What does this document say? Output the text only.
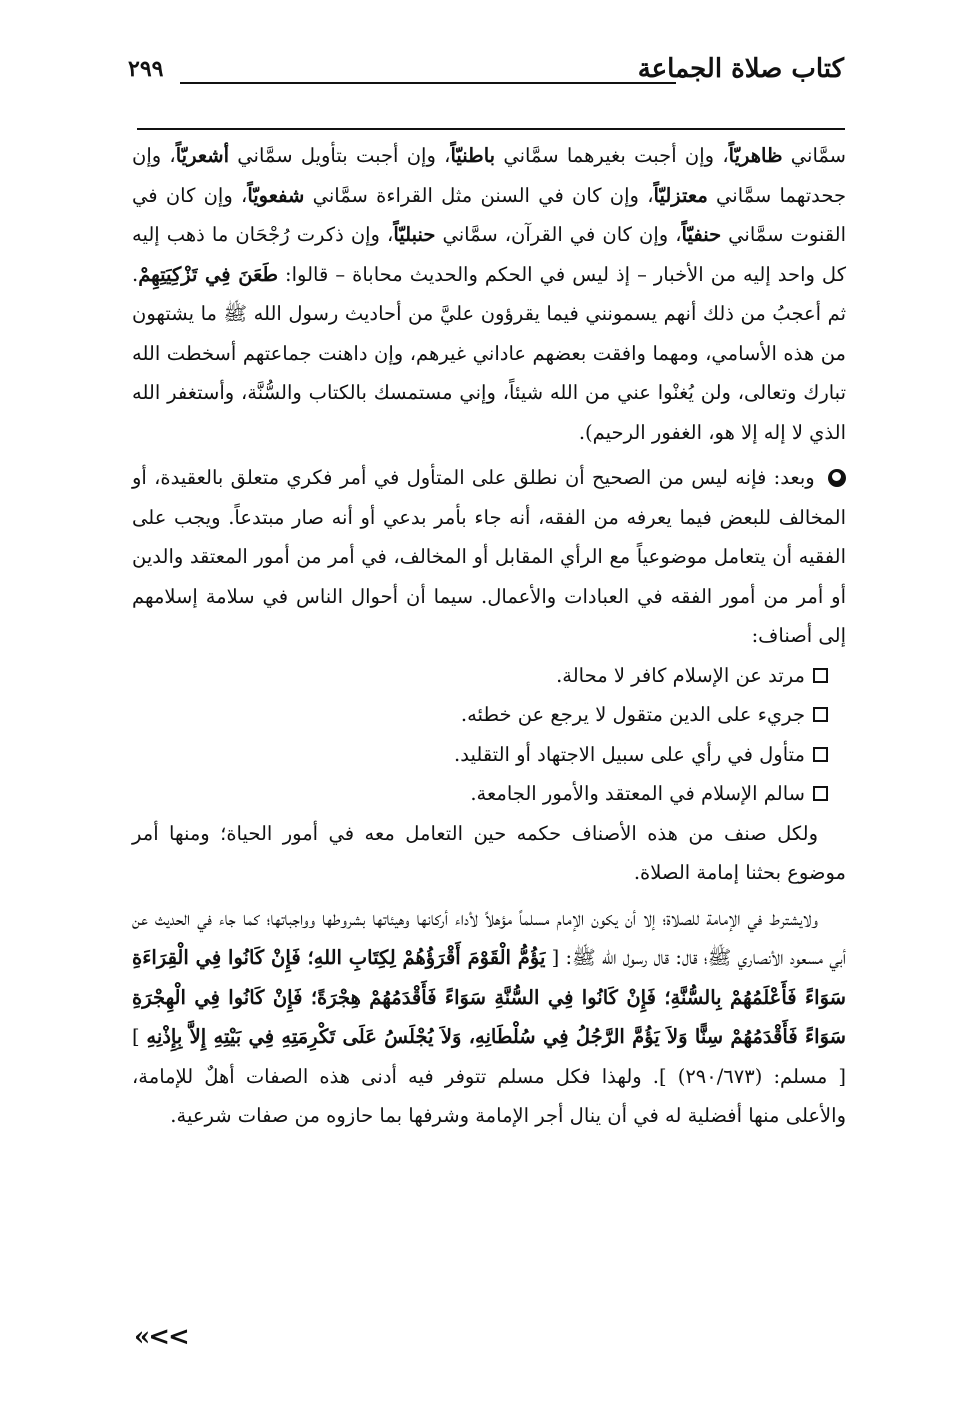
كتاب صلاة الجماعة
٢٩٩

سمَّاني ظاهريّاً، وإن أجبت بغيرهما سمَّاني باطنيّاً، وإن أجبت بتأويل سمَّاني أشعريّاً، وإن جحدتهما سمَّاني معتزليّاً، وإن كان في السنن مثل القراءة سمَّاني شفعويّاً، وإن كان في القنوت سمَّاني حنفيّاً، وإن كان في القرآن، سمَّاني حنبليّاً، وإن ذكرت رُجْحَان ما ذهب إليه كل واحد إليه من الأخبار – إذ ليس في الحكم والحديث محاباة – قالوا: طَعَنَ فِي تَزْكِيَتِهِمْ. ثم أعجبُ من ذلك أنهم يسمونني فيما يقرؤون عليَّ من أحاديث رسول الله ﷺ ما يشتهون من هذه الأسامي، ومهما وافقت بعضهم عاداني غيرهم، وإن داهنت جماعتهم أسخطت الله تبارك وتعالى، ولن يُغنْوا عني من الله شيئاً، وإني مستمسك بالكتاب والسُّنَّة، وأستغفر الله الذي لا إله إلا هو، الغفور الرحيم).

وبعد: فإنه ليس من الصحيح أن نطلق على المتأول في أمر فكري متعلق بالعقيدة، أو المخالف للبعض فيما يعرفه من الفقه، أنه جاء بأمر بدعي أو أنه صار مبتدعاً. ويجب على الفقيه أن يتعامل موضوعياً مع الرأي المقابل أو المخالف، في أمر من أمور المعتقد والدين أو أمر من أمور الفقه في العبادات والأعمال. سيما أن أحوال الناس في سلامة إسلامهم إلى أصناف:

مرتد عن الإسلام كافر لا محالة.
جريء على الدين متقول لا يرجع عن خطئه.
متأول في رأي على سبيل الاجتهاد أو التقليد.
سالم الإسلام في المعتقد والأمور الجامعة.

ولكل صنف من هذه الأصناف حكمه حين التعامل معه في أمور الحياة؛ ومنها أمر موضوع بحثنا إمامة الصلاة.

ولايشترط في الإمامة للصلاة؛ إلا أن يكون الإمام مسلماً مؤهلاً لأداء أركانها وهيئاتها بشروطها وواجباتها؛ كما جاء في الحديث عن أبي مسعود الأنصاري ﷺ؛ قال: قال رسول الله ﷺ: [ يَؤُمُّ الْقَوْمَ أَقْرَؤُهُمْ لِكِتَابِ اللهِ؛ فَإِنْ كَانُوا فِي الْقِرَاءَةِ سَوَاءً فَأَعْلَمُهُمْ بِالسُّنَّةِ؛ فَإِنْ كَانُوا فِي السُّنَّةِ سَوَاءً فَأَقْدَمُهُمْ هِجْرَةً؛ فَإِنْ كَانُوا فِي الْهِجْرَةِ سَوَاءً فَأَقْدَمُهُمْ سِنًّا وَلاَ يَؤُمَّ الرَّجُلُ فِي سُلْطَانِهِ، وَلاَ يُجْلَسُ عَلَى تَكْرِمَتِهِ فِي بَيْتِهِ إِلاَّ بِإِذْنِهِ ] [ مسلم: (٢٩٠/٦٧٣) ]. ولهذا فكل مسلم تتوفر فيه أدنى هذه الصفات أهلٌ للإمامة، والأعلى منها أفضلية له في أن ينال أجر الإمامة وشرفها بما حازوه من صفات شرعية.

«<<
